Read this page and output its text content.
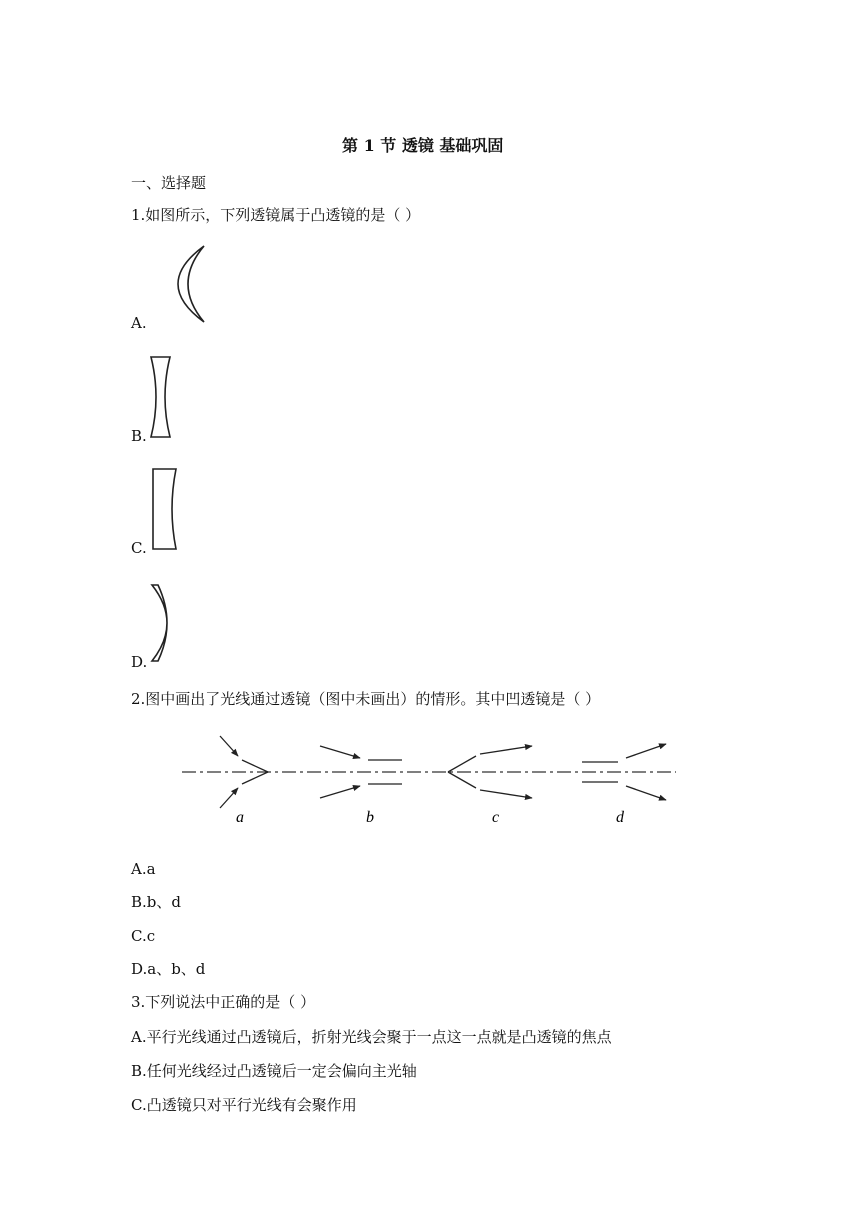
第 1 节 透镜 基础巩固
一、选择题
1.如图所示，下列透镜属于凸透镜的是（ ）
A.
B.
C.
D.
2.图中画出了光线通过透镜（图中未画出）的情形。其中凹透镜是（ ）
a	b	c	d
A.a
B.b、d
C.c
D.a、b、d
3.下列说法中正确的是（ ）
A.平行光线通过凸透镜后，折射光线会聚于一点这一点就是凸透镜的焦点
B.任何光线经过凸透镜后一定会偏向主光轴
C.凸透镜只对平行光线有会聚作用
